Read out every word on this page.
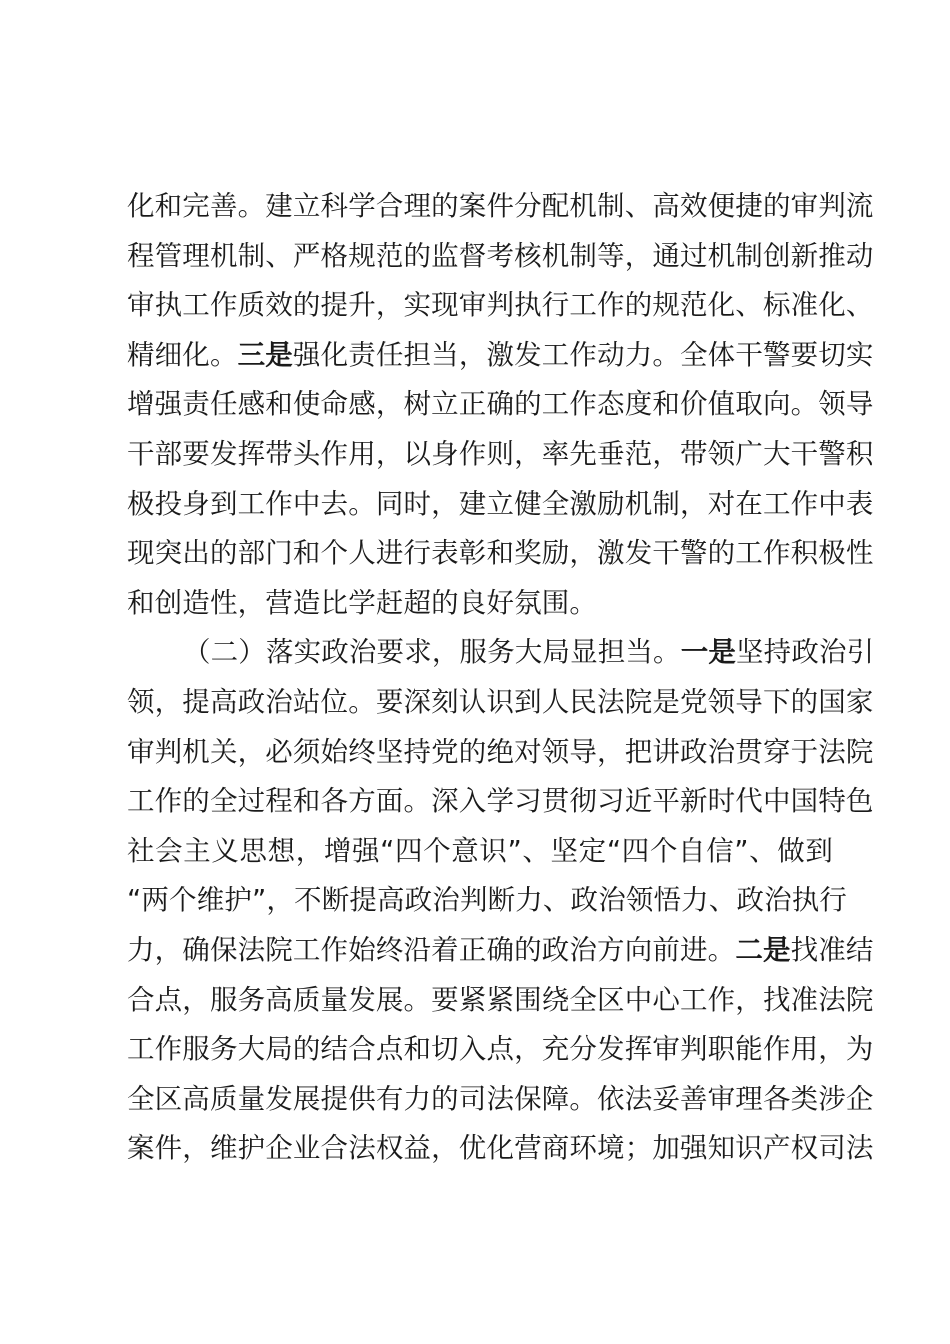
化和完善。建立科学合理的案件分配机制、高效便捷的审判流
程管理机制、严格规范的监督考核机制等，通过机制创新推动
审执工作质效的提升，实现审判执行工作的规范化、标准化、
精细化。三是强化责任担当，激发工作动力。全体干警要切实
增强责任感和使命感，树立正确的工作态度和价值取向。领导
干部要发挥带头作用，以身作则，率先垂范，带领广大干警积
极投身到工作中去。同时，建立健全激励机制，对在工作中表
现突出的部门和个人进行表彰和奖励，激发干警的工作积极性
和创造性，营造比学赶超的良好氛围。
（二）落实政治要求，服务大局显担当。一是坚持政治引
领，提高政治站位。要深刻认识到人民法院是党领导下的国家
审判机关，必须始终坚持党的绝对领导，把讲政治贯穿于法院
工作的全过程和各方面。深入学习贯彻习近平新时代中国特色
社会主义思想，增强“四个意识”、坚定“四个自信”、做到
“两个维护”，不断提高政治判断力、政治领悟力、政治执行
力，确保法院工作始终沿着正确的政治方向前进。二是找准结
合点，服务高质量发展。要紧紧围绕全区中心工作，找准法院
工作服务大局的结合点和切入点，充分发挥审判职能作用，为
全区高质量发展提供有力的司法保障。依法妥善审理各类涉企
案件，维护企业合法权益，优化营商环境；加强知识产权司法
